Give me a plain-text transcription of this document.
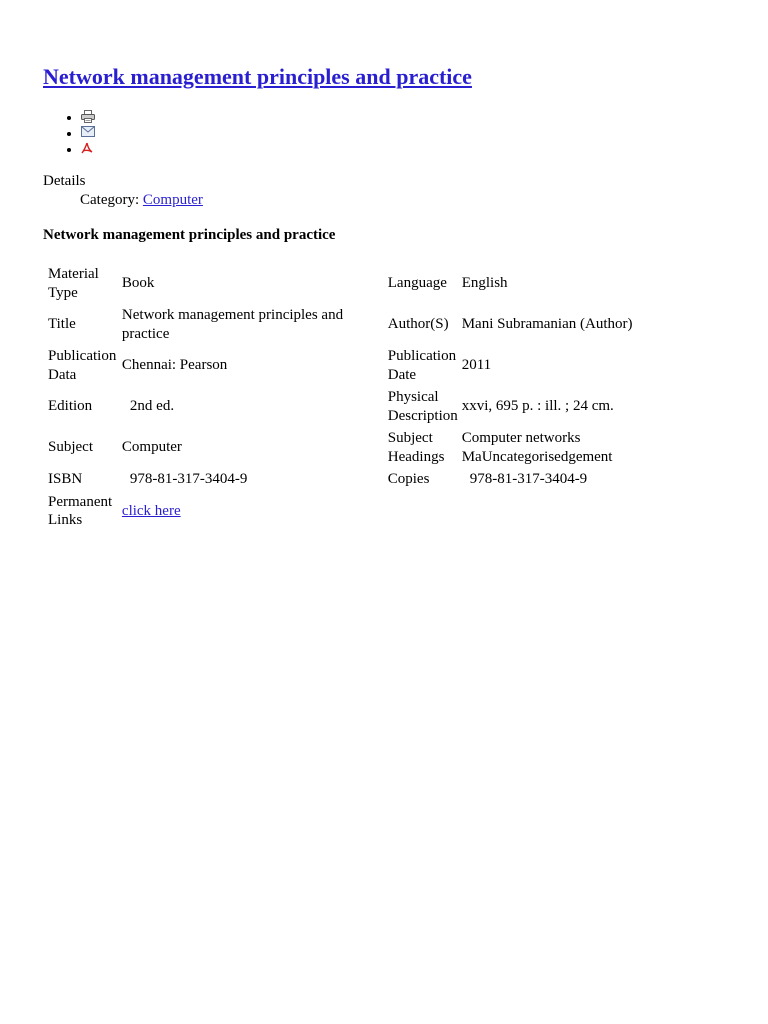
Network management principles and practice
•
•
•
Details
Category: Computer
Network management principles and practice
Material Type	Book	Language	English
Title	Network management principles and practice	Author(S)	Mani Subramanian (Author)
Publication Data	Chennai: Pearson	Publication Date	2011
Edition	2nd ed.	Physical Description	xxvi, 695 p. : ill. ; 24 cm.
Subject	Computer	Subject Headings	Computer networks MaUncategorisedgement
ISBN	978-81-317-3404-9	Copies	978-81-317-3404-9
Permanent Links	click here		
